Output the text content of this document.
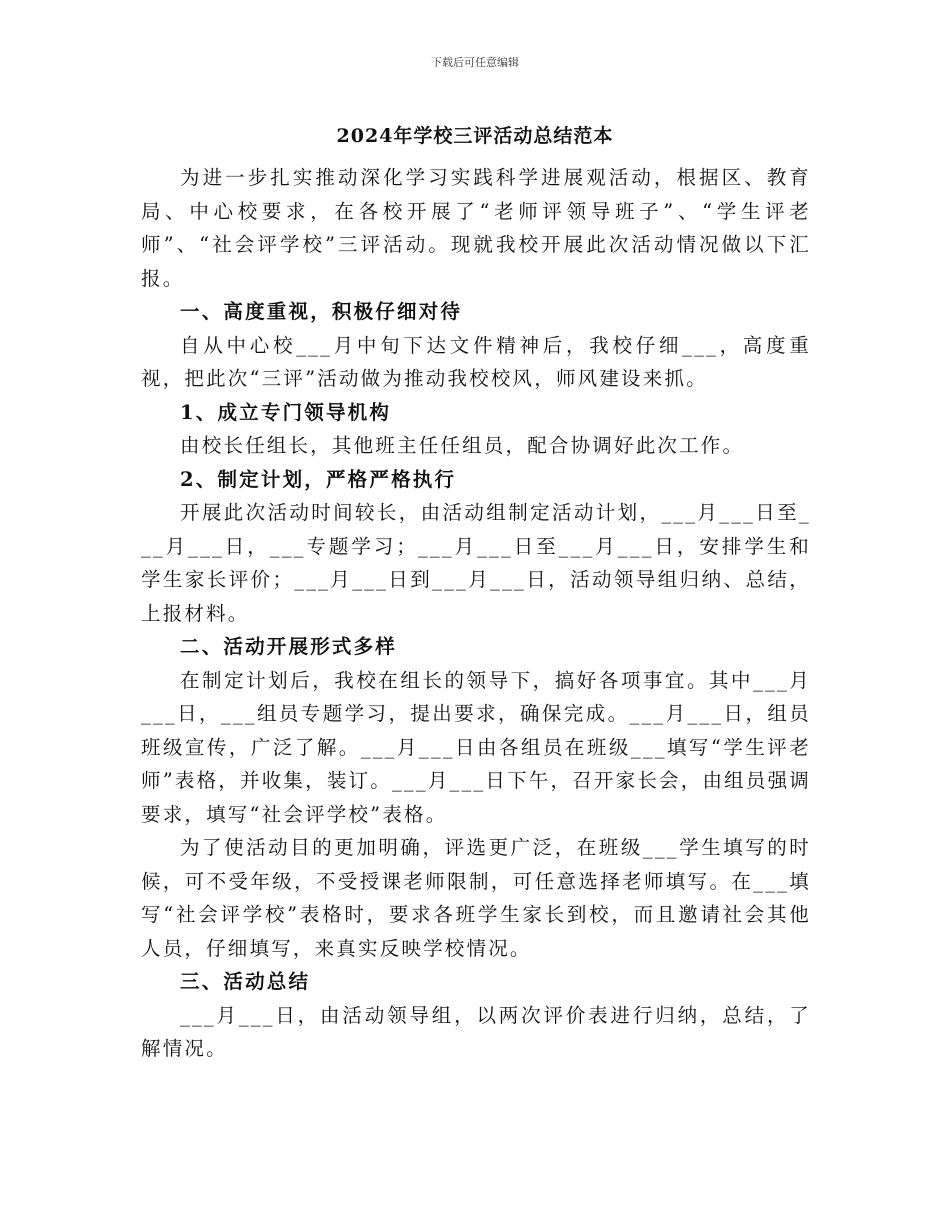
下载后可任意编辑
2024年学校三评活动总结范本

为进一步扎实推动深化学习实践科学进展观活动，根据区、教育局、中心校要求，在各校开展了“老师评领导班子”、“学生评老师”、“社会评学校”三评活动。现就我校开展此次活动情况做以下汇报。

一、高度重视，积极仔细对待

自从中心校___月中旬下达文件精神后，我校仔细___，高度重视，把此次“三评”活动做为推动我校校风，师风建设来抓。

1、成立专门领导机构

由校长任组长，其他班主任任组员，配合协调好此次工作。

2、制定计划，严格严格执行

开展此次活动时间较长，由活动组制定活动计划，___月___日至___月___日，___专题学习；___月___日至___月___日，安排学生和学生家长评价；___月___日到___月___日，活动领导组归纳、总结，上报材料。

二、活动开展形式多样

在制定计划后，我校在组长的领导下，搞好各项事宜。其中___月___日，___组员专题学习，提出要求，确保完成。___月___日，组员班级宣传，广泛了解。___月___日由各组员在班级___填写“学生评老师”表格，并收集，装订。___月___日下午，召开家长会，由组员强调要求，填写“社会评学校”表格。

为了使活动目的更加明确，评选更广泛，在班级___学生填写的时候，可不受年级，不受授课老师限制，可任意选择老师填写。在___填写“社会评学校”表格时，要求各班学生家长到校，而且邀请社会其他人员，仔细填写，来真实反映学校情况。

三、活动总结

___月___日，由活动领导组，以两次评价表进行归纳，总结，了解情况。
